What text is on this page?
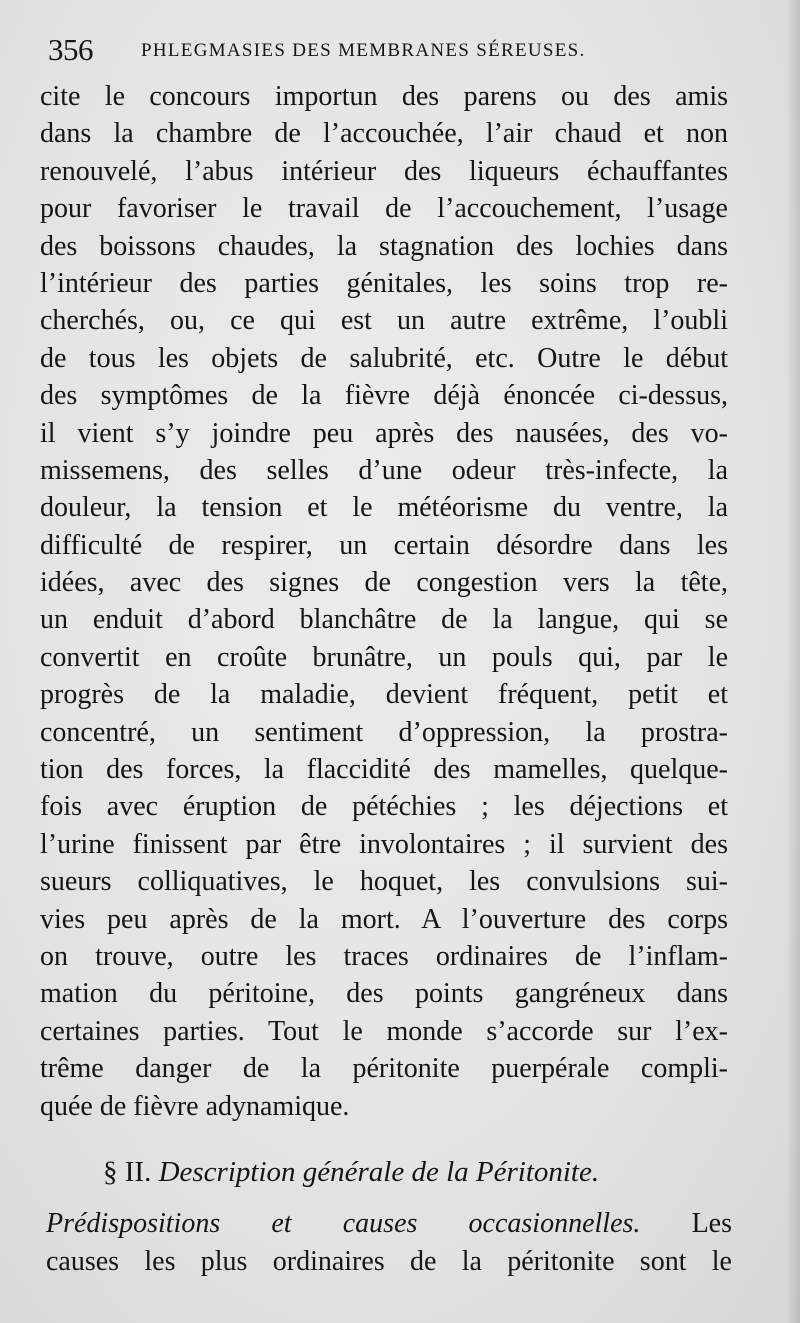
356	PHLEGMASIES DES MEMBRANES SÉREUSES.
cite le concours importun des parens ou des amis
dans la chambre de l’accouchée, l’air chaud et non
renouvelé, l’abus intérieur des liqueurs échauffantes
pour favoriser le travail de l’accouchement, l’usage
des boissons chaudes, la stagnation des lochies dans
l’intérieur des parties génitales, les soins trop re-
cherchés, ou, ce qui est un autre extrême, l’oubli
de tous les objets de salubrité, etc. Outre le début
des symptômes de la fièvre déjà énoncée ci-dessus,
il vient s’y joindre peu après des nausées, des vo-
missemens, des selles d’une odeur très-infecte, la
douleur, la tension et le météorisme du ventre, la
difficulté de respirer, un certain désordre dans les
idées, avec des signes de congestion vers la tête,
un enduit d’abord blanchâtre de la langue, qui se
convertit en croûte brunâtre, un pouls qui, par le
progrès de la maladie, devient fréquent, petit et
concentré, un sentiment d’oppression, la prostra-
tion des forces, la flaccidité des mamelles, quelque-
fois avec éruption de pétéchies ; les déjections et
l’urine finissent par être involontaires ; il survient des
sueurs colliquatives, le hoquet, les convulsions sui-
vies peu après de la mort. A l’ouverture des corps
on trouve, outre les traces ordinaires de l’inflam-
mation du péritoine, des points gangréneux dans
certaines parties. Tout le monde s’accorde sur l’ex-
trême danger de la péritonite puerpérale compli-
quée de fièvre adynamique.
§ II. Description générale de la Péritonite.
Prédispositions et causes occasionnelles. Les
causes les plus ordinaires de la péritonite sont le
